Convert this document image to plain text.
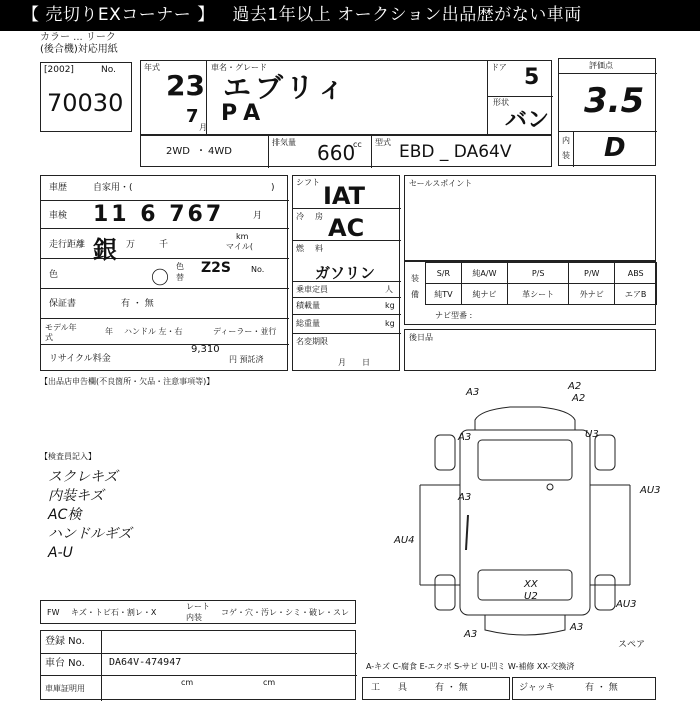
【 売切りEXコーナー 】 過去1年以上 オークション出品歴がない車両
カラー ... リーク
(後合機)対応用紙
[2002]	No.
70030
年式
23
7
月
車名・グレード
エブリィ
PA
ドア 5
形状
バン
2WD ・ 4WD
排気量 660
cc 型式 EBD _ DA64V
評価点
3.5
内
装 D
車歴	自家用・(	)
車検 11 6 767	月
走行距離 銀 万	千
km
マイル(
色	〇
色
替
Z2S	No.
保証書	有 ・ 無
モデル年式
年 ハンドル 左・右	ディーラー・並行
リサイクル料金
9,310
円 預託済
シフト IAT
冷 房 AC
燃 料
ガソリン
乗車定員	人
積載量	kg
総重量	kg
名変期限
月　　日
セールスポイント
装
備
S/R	純A/W	P/S	P/W	ABS
純TV	純ナビ	革シート	外ナビ	エアB
ナビ型番 :
後日品
【出品店申告欄(不良箇所・欠品・注意事項等)】
【検査員記入】
スクレキズ
内装キズ
AC検
ハンドルギズ
A-U
A3
A2
A2
A3	U3
A3
AU3
AU4
XX
U2
AU3
A3
A3
FW キズ・トビ石・割レ・X
レート
内装
コゲ・穴・汚レ・シミ・破レ・スレ
登録 No.
車台 No. DA64V-474947
車庫証明用
cm	cm
スペア
A-キズ C-腐食 E-エクボ S-サビ U-凹ミ W-補修 XX-交換済
工　　具	有 ・ 無	ジャッキ	有 ・ 無
